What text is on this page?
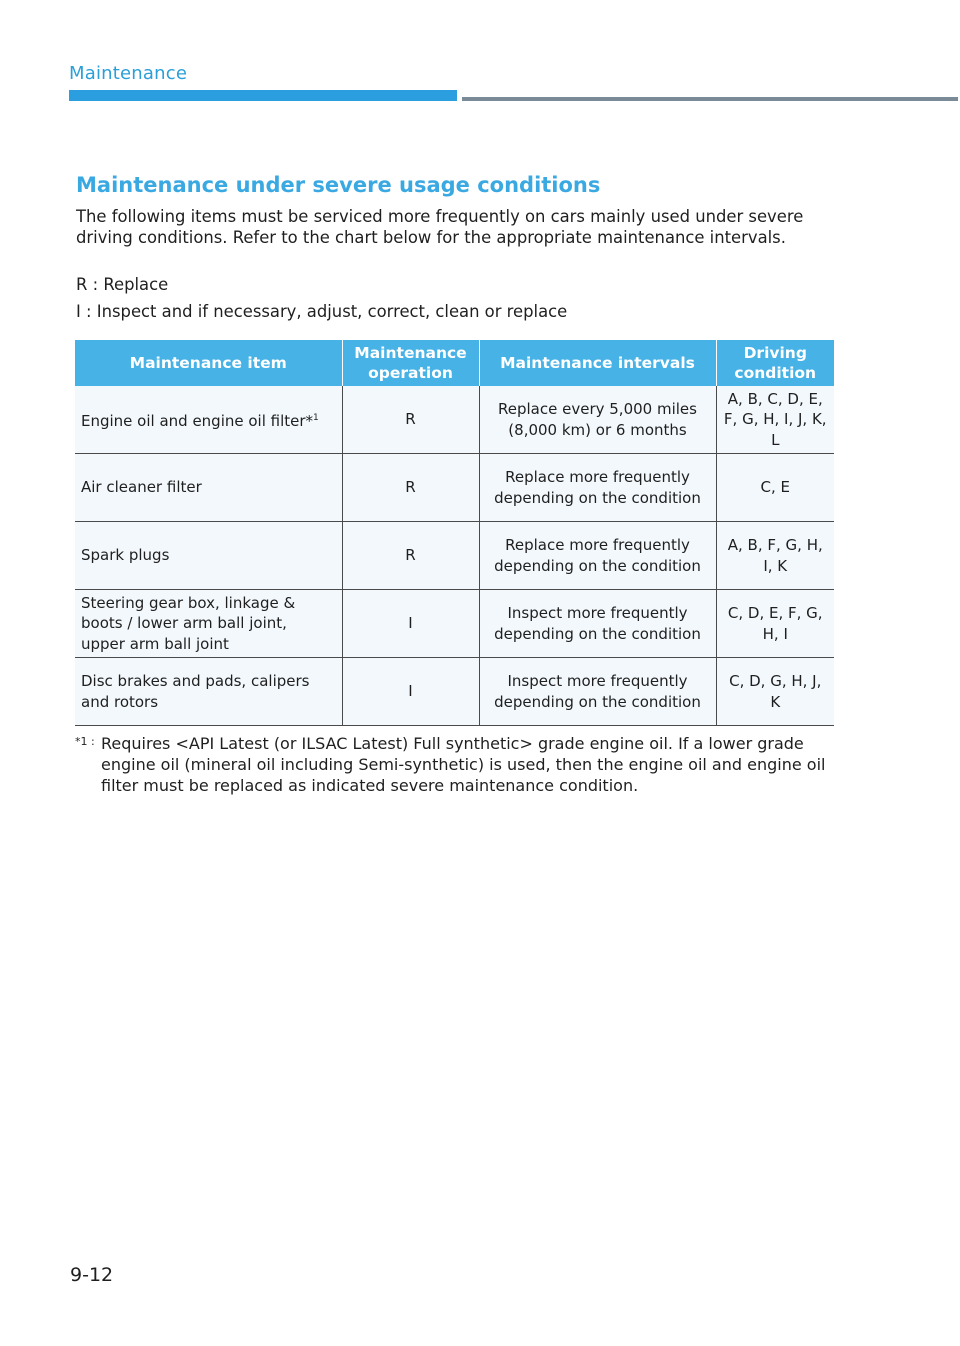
Maintenance
Maintenance under severe usage conditions
The following items must be serviced more frequently on cars mainly used under severe driving conditions. Refer to the chart below for the appropriate maintenance intervals.
R : Replace
I : Inspect and if necessary, adjust, correct, clean or replace
Maintenance item	Maintenance operation	Maintenance intervals	Driving condition
Engine oil and engine oil filter*$^1$	R	Replace every 5,000 miles (8,000 km) or 6 months	A, B, C, D, E, F, G, H, I, J, K, L
Air cleaner filter	R	Replace more frequently depending on the condition	C, E
Spark plugs	R	Replace more frequently depending on the condition	A, B, F, G, H, I, K
Steering gear box, linkage & boots / lower arm ball joint, upper arm ball joint	I	Inspect more frequently depending on the condition	C, D, E, F, G, H, I
Disc brakes and pads, calipers and rotors	I	Inspect more frequently depending on the condition	C, D, G, H, J, K
*1 : Requires <API Latest (or ILSAC Latest) Full synthetic> grade engine oil. If a lower grade engine oil (mineral oil including Semi-synthetic) is used, then the engine oil and engine oil filter must be replaced as indicated severe maintenance condition.
9-12
